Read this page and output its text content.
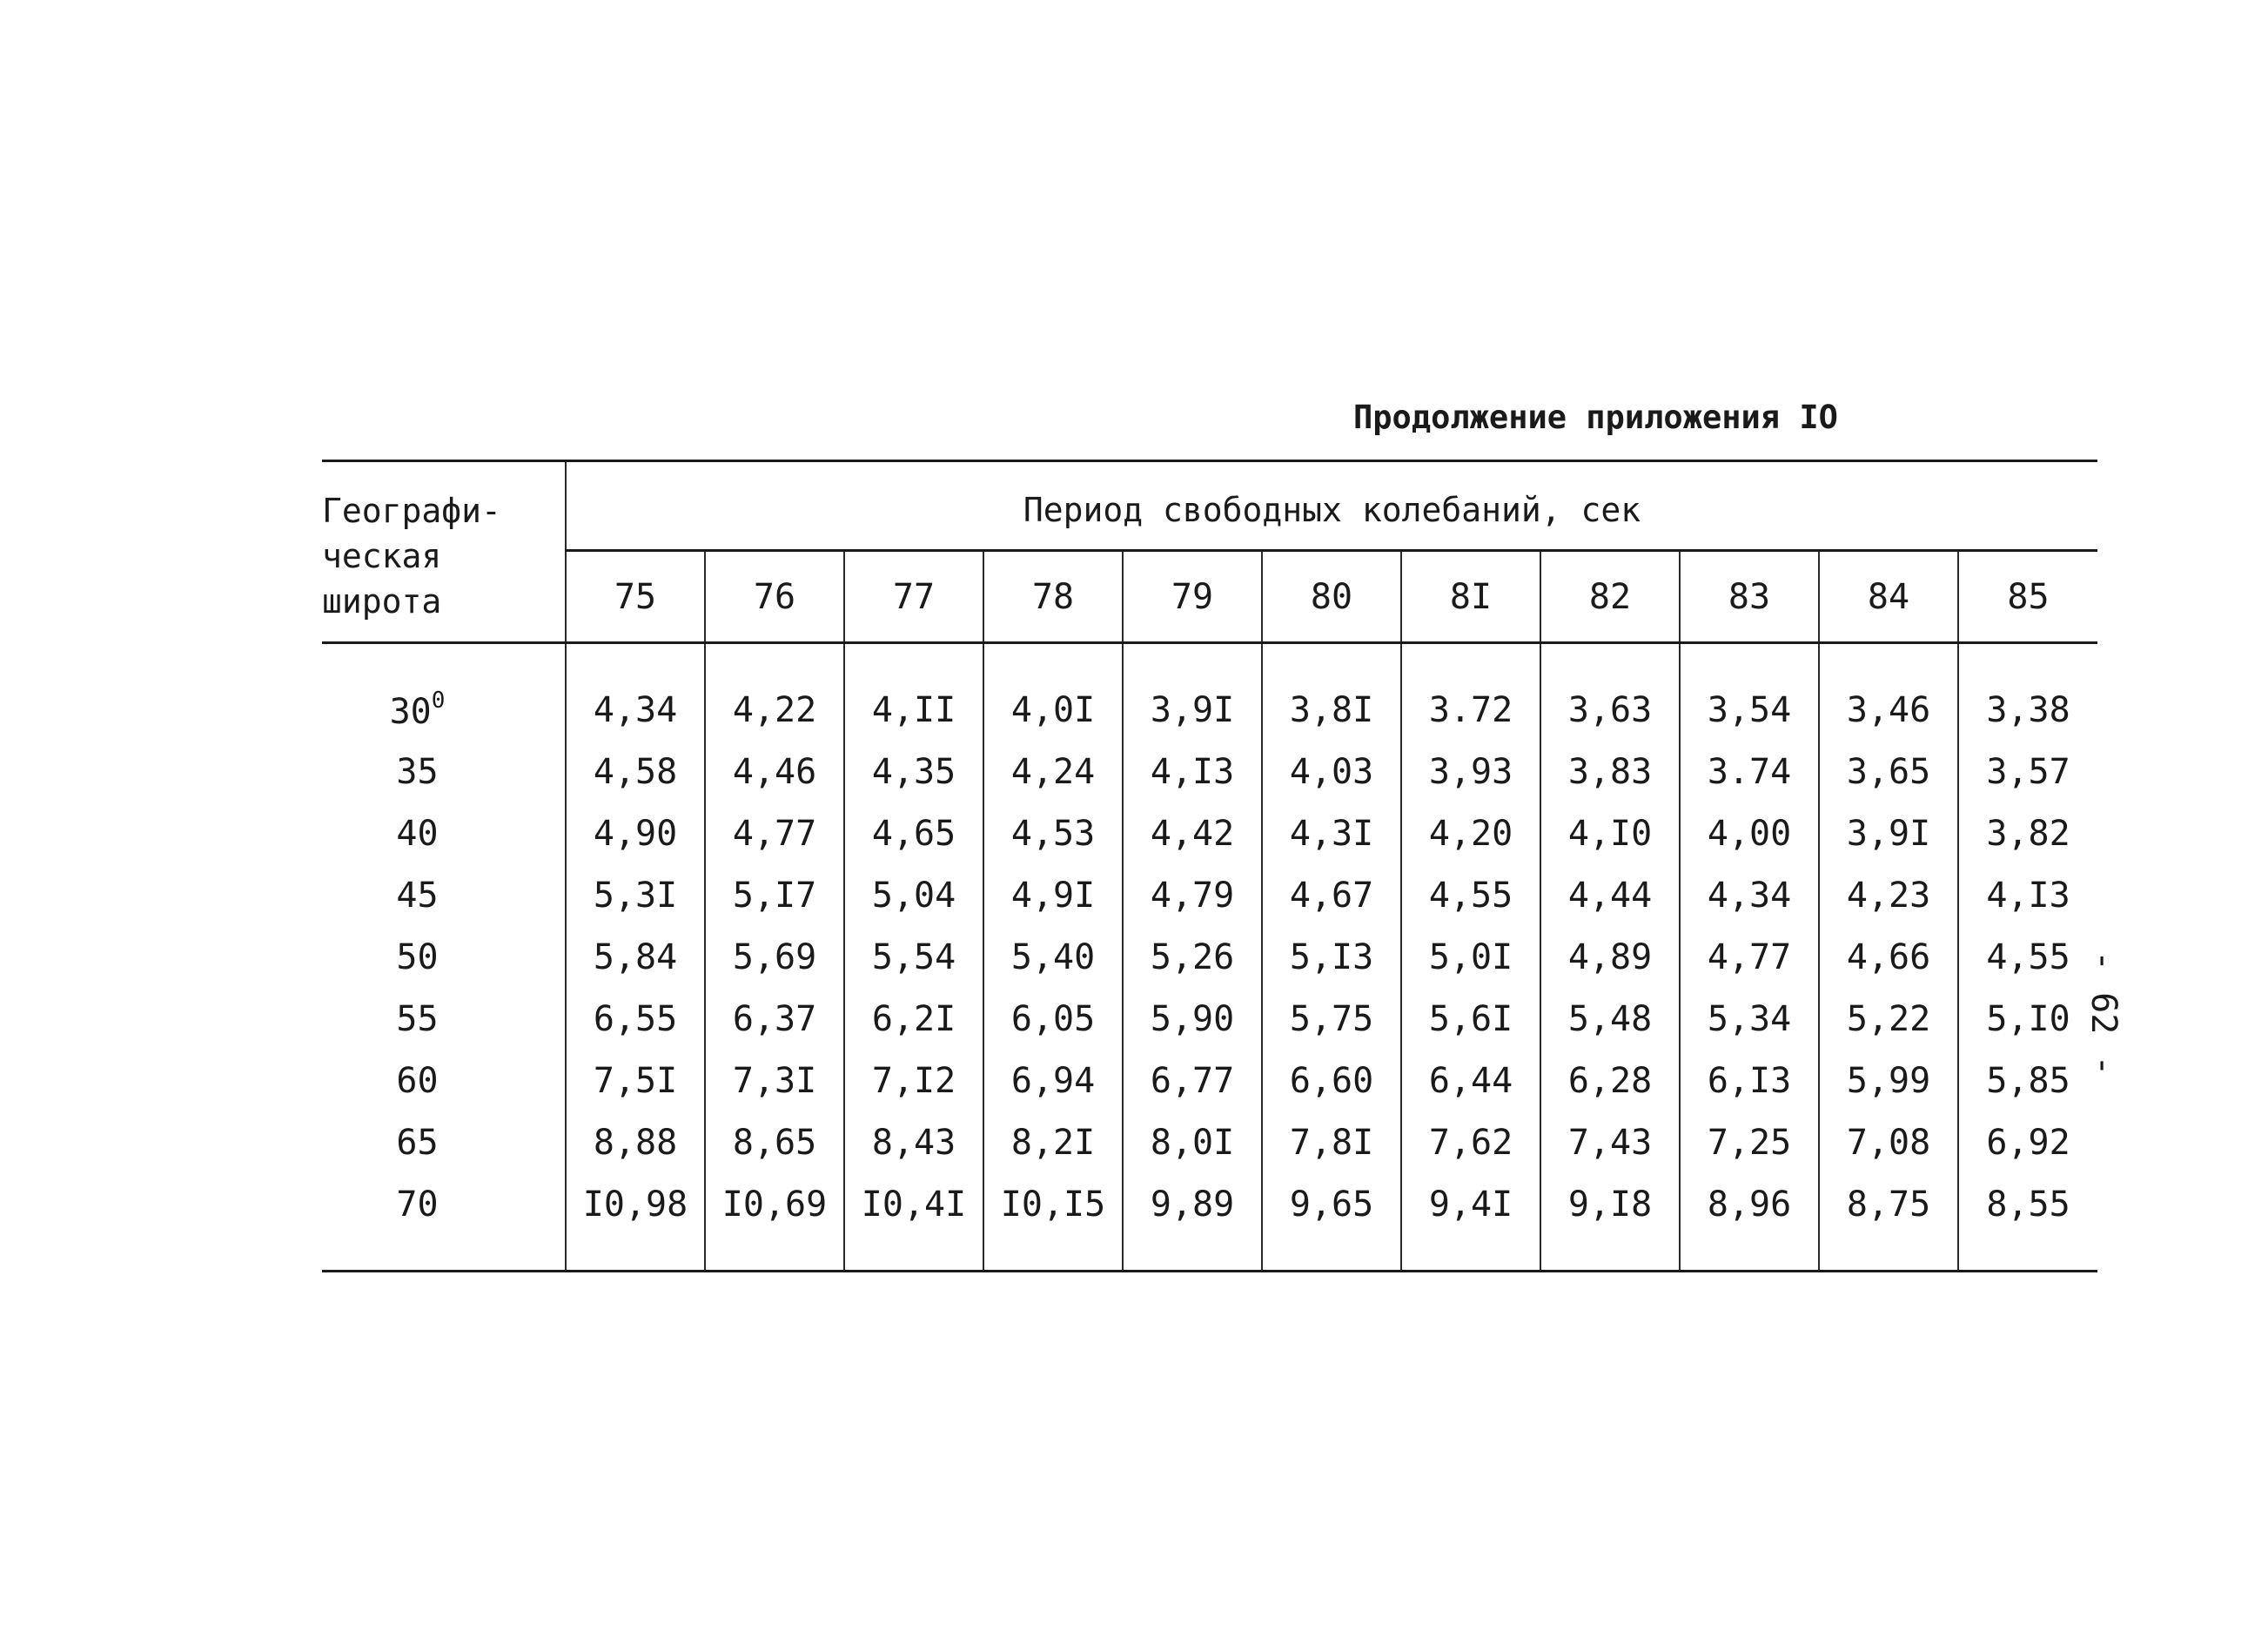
Продолжение приложения IO
- 62 -
Географи-
ческая
широта	Период свободных колебаний, сек										
	75	76	77	78	79	80	8I	82	83	84	85
$30^0$	4,34	4,22	4,II	4,0I	3,9I	3,8I	3.72	3,63	3,54	3,46	3,38
35	4,58	4,46	4,35	4,24	4,I3	4,03	3,93	3,83	3.74	3,65	3,57
40	4,90	4,77	4,65	4,53	4,42	4,3I	4,20	4,I0	4,00	3,9I	3,82
45	5,3I	5,I7	5,04	4,9I	4,79	4,67	4,55	4,44	4,34	4,23	4,I3
50	5,84	5,69	5,54	5,40	5,26	5,I3	5,0I	4,89	4,77	4,66	4,55
55	6,55	6,37	6,2I	6,05	5,90	5,75	5,6I	5,48	5,34	5,22	5,I0
60	7,5I	7,3I	7,I2	6,94	6,77	6,60	6,44	6,28	6,I3	5,99	5,85
65	8,88	8,65	8,43	8,2I	8,0I	7,8I	7,62	7,43	7,25	7,08	6,92
70	I0,98	I0,69	I0,4I	I0,I5	9,89	9,65	9,4I	9,I8	8,96	8,75	8,55
